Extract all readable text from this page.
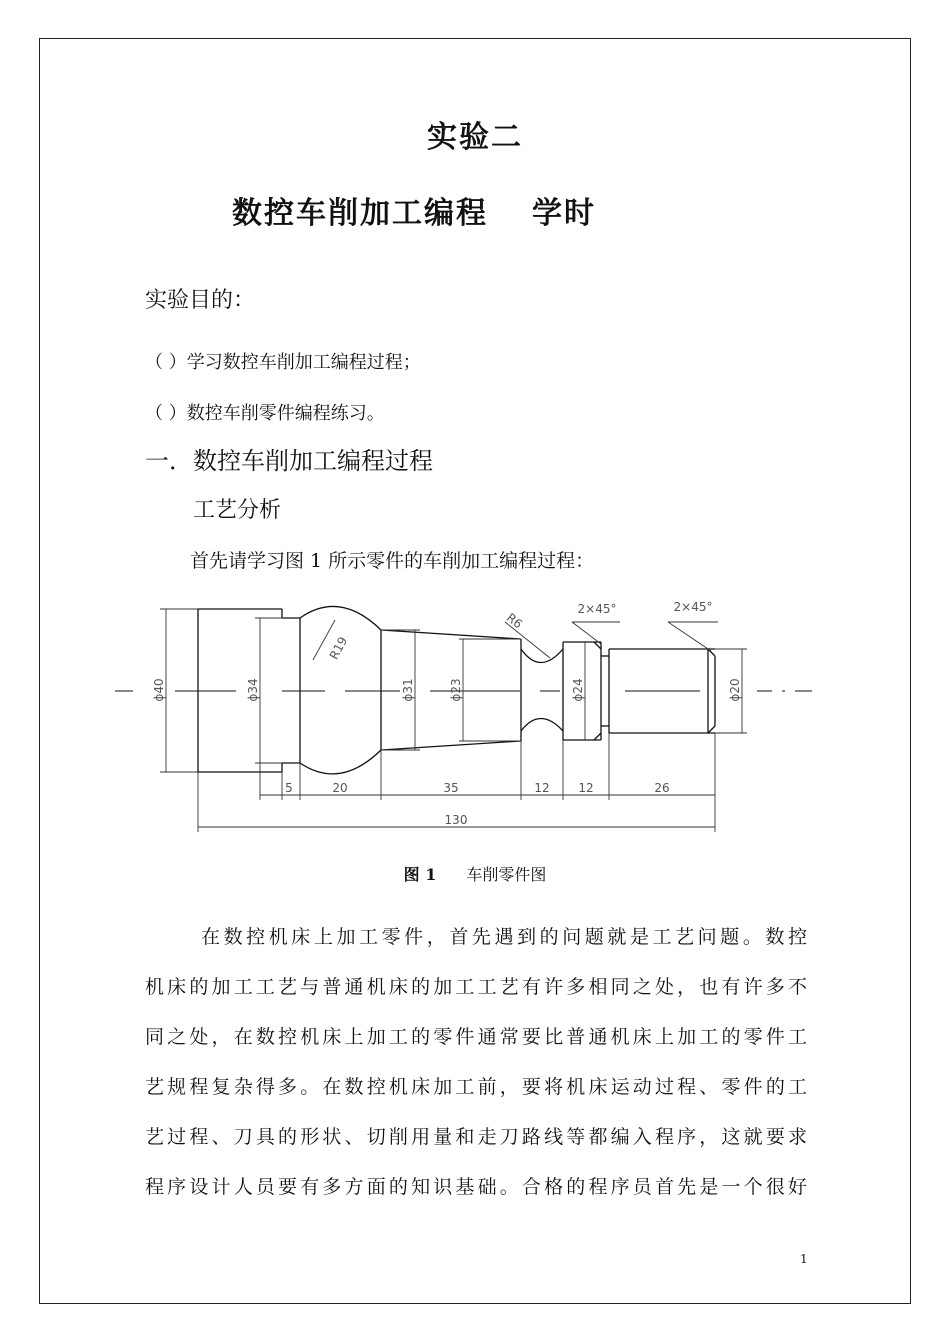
实验二
数控车削加工编程 学时
实验目的：
（ ）学习数控车削加工编程过程；
（ ）数控车削零件编程练习。
一．数控车削加工编程过程
工艺分析
首先请学习图 1 所示零件的车削加工编程过程：
ϕ40	ϕ34	ϕ31	ϕ23	ϕ24	ϕ20
R19
R6
2×45°	2×45°
5	20	35	12 12	26
130
图 1 车削零件图
在数控机床上加工零件，首先遇到的问题就是工艺问题。数控
机床的加工工艺与普通机床的加工工艺有许多相同之处，也有许多不
同之处，在数控机床上加工的零件通常要比普通机床上加工的零件工
艺规程复杂得多。在数控机床加工前，要将机床运动过程、零件的工
艺过程、刀具的形状、切削用量和走刀路线等都编入程序，这就要求
程序设计人员要有多方面的知识基础。合格的程序员首先是一个很好
1
